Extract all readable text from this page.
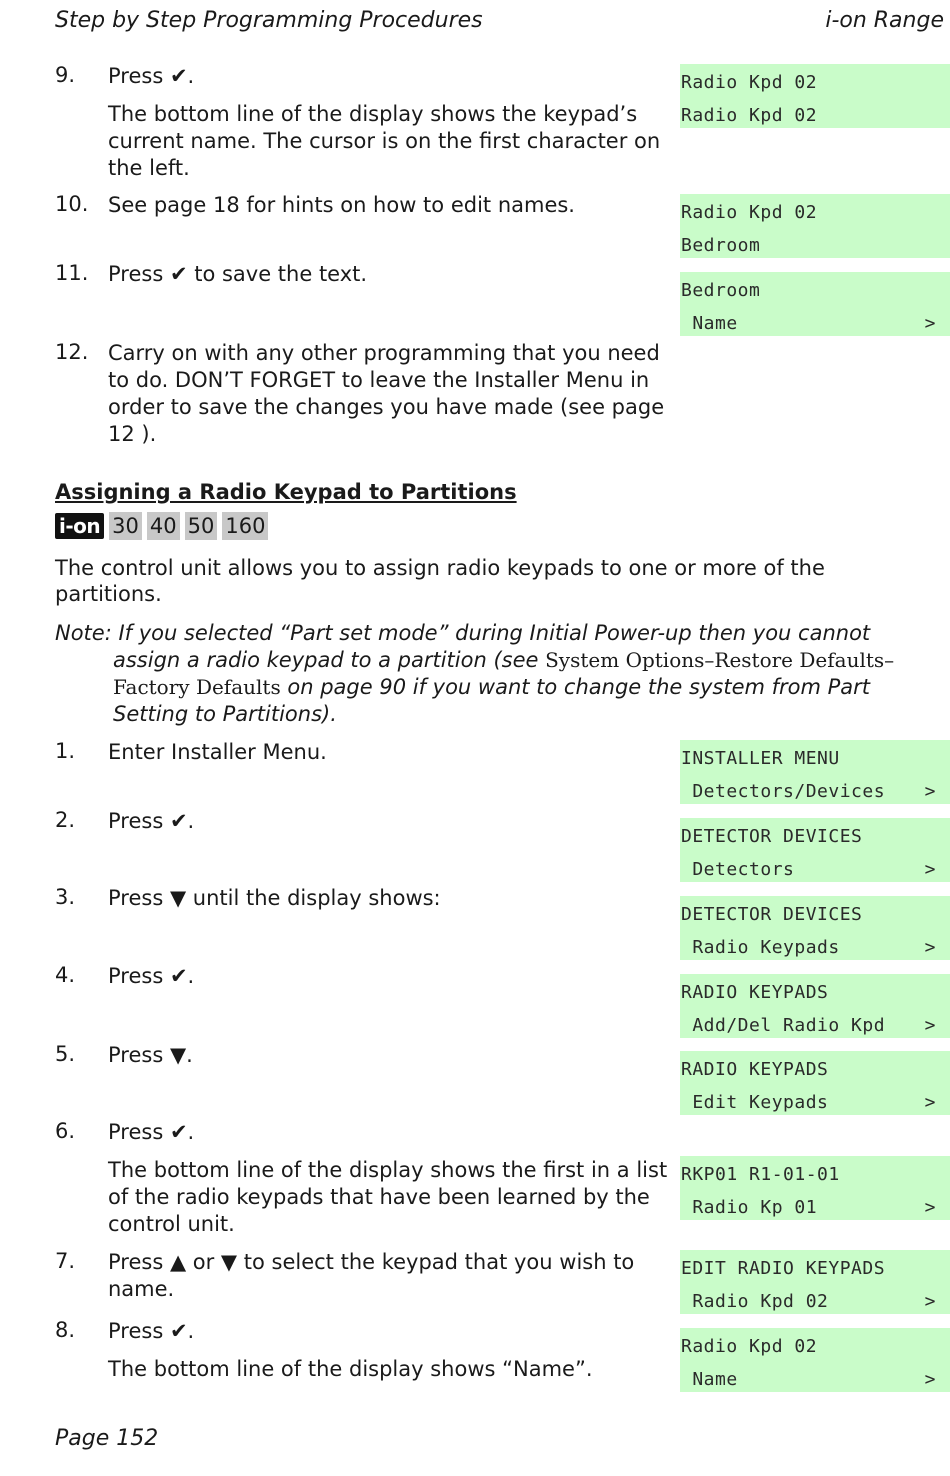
Step by Step Programming Procedures	i-on Range
9. Press ✔.
The bottom line of the display shows the keypad’s current name. The cursor is on the first character on the left.
10. See page 18 for hints on how to edit names.
11. Press ✔ to save the text.
12. Carry on with any other programming that you need to do. DON’T FORGET to leave the Installer Menu in order to save the changes you have made (see page 12 ).
Assigning a Radio Keypad to Partitions
i-on 30 40 50 160
The control unit allows you to assign radio keypads to one or more of the partitions.
Note: If you selected “Part set mode” during Initial Power-up then you cannot
assign a radio keypad to a partition (see System Options–Restore Defaults– Factory Defaults on page 90 if you want to change the system from Part Setting to Partitions).
1. Enter Installer Menu.
2. Press ✔.
3. Press ▼ until the display shows:
4. Press ✔.
5. Press ▼.
6. Press ✔.
The bottom line of the display shows the first in a list of the radio keypads that have been learned by the control unit.
7. Press ▲ or ▼ to select the keypad that you wish to name.
8. Press ✔.
The bottom line of the display shows “Name”.
Radio Kpd 02
Radio Kpd 02
Radio Kpd 02
Bedroom
Bedroom
Name	>
INSTALLER MENU
Detectors/Devices >
DETECTOR DEVICES
Detectors	>
DETECTOR DEVICES
Radio Keypads	>
RADIO KEYPADS
Add/Del Radio Kpd >
RADIO KEYPADS
Edit Keypads	>
RKP01 R1-01-01
Radio Kp 01	>
EDIT RADIO KEYPADS
Radio Kpd 02	>
Radio Kpd 02
Name	>
Page 152
